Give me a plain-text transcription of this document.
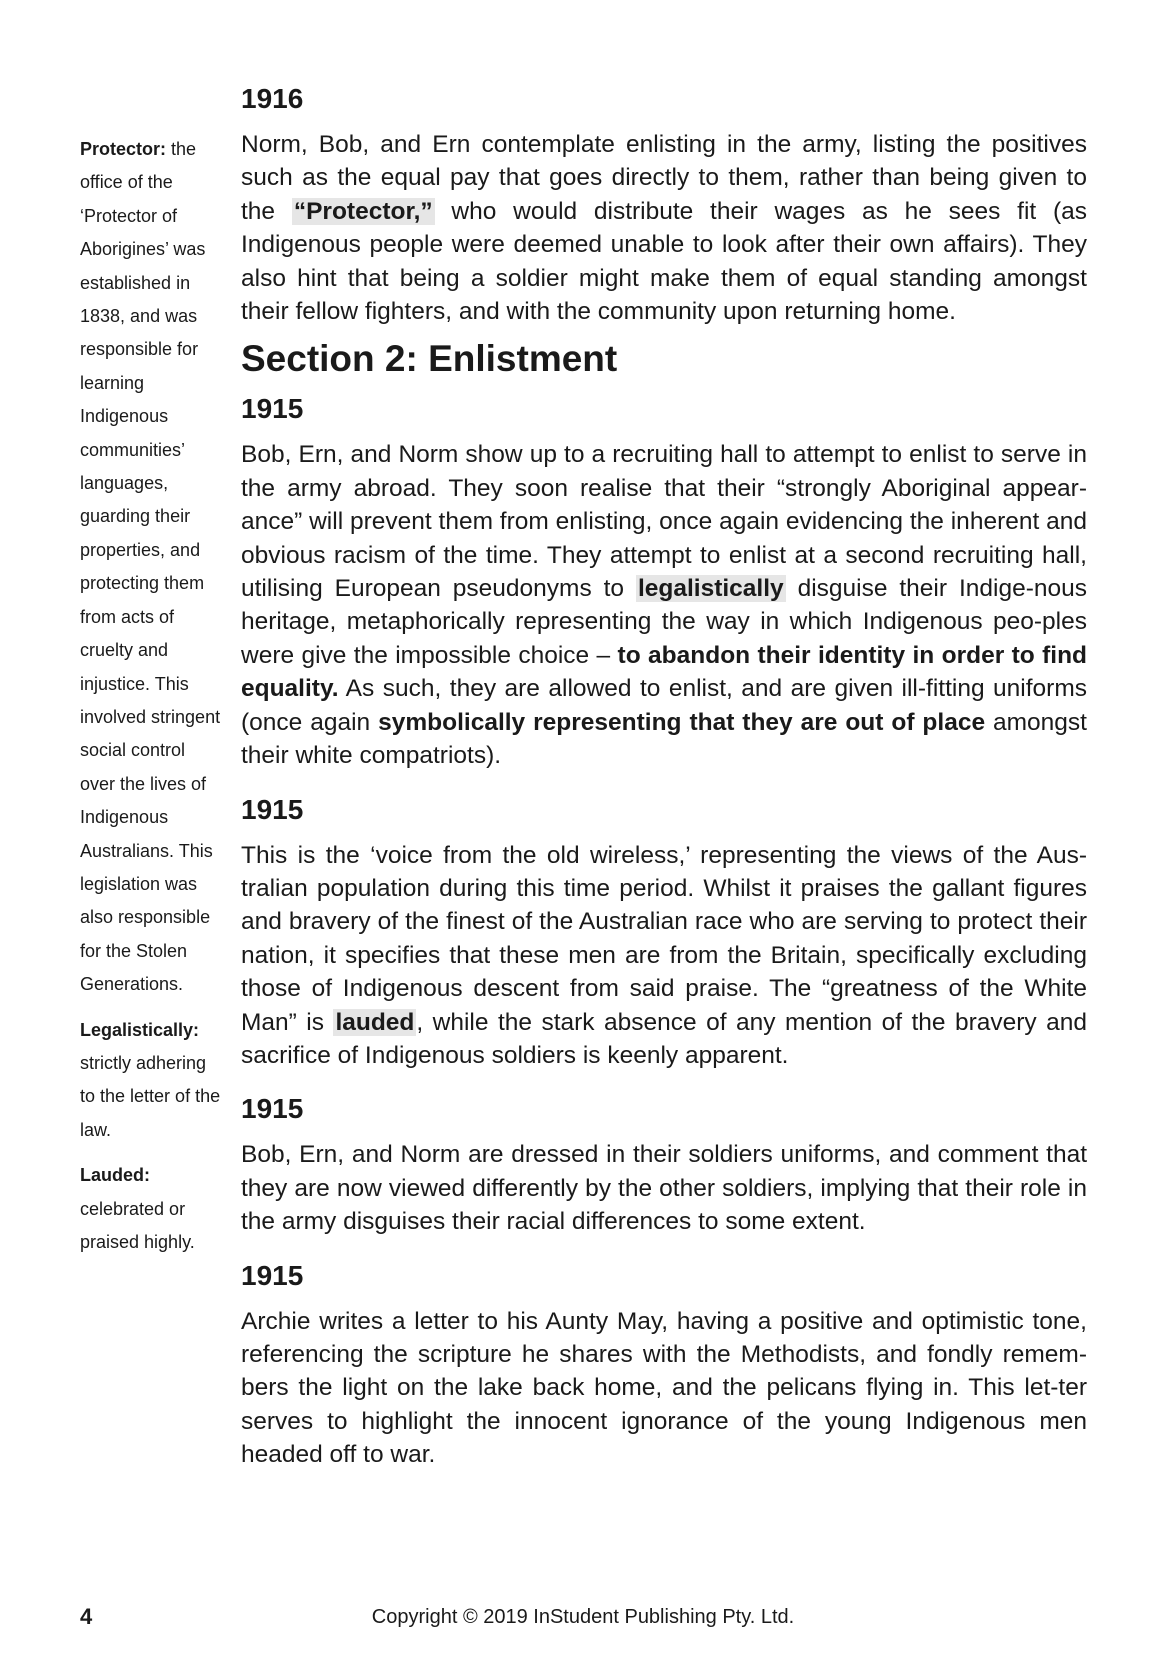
Protector: the office of the ‘Protector of Aborigines’ was established in 1838, and was responsible for learning Indigenous communities’ languages, guarding their properties, and protecting them from acts of cruelty and injustice. This involved stringent social control over the lives of Indigenous Australians. This legislation was also responsible for the Stolen Generations.
Legalistically: strictly adhering to the letter of the law.
Lauded: celebrated or praised highly.
1916

Norm, Bob, and Ern contemplate enlisting in the army, listing the positives such as the equal pay that goes directly to them, rather than being given to the “Protector,” who would distribute their wages as he sees fit (as Indigenous people were deemed unable to look after their own affairs). They also hint that being a soldier might make them of equal standing amongst their fellow fighters, and with the community upon returning home.

Section 2: Enlistment
1915

Bob, Ern, and Norm show up to a recruiting hall to attempt to enlist to serve in the army abroad. They soon realise that their “strongly Aboriginal appear-ance” will prevent them from enlisting, once again evidencing the inherent and obvious racism of the time. They attempt to enlist at a second recruiting hall, utilising European pseudonyms to legalistically disguise their Indige-nous heritage, metaphorically representing the way in which Indigenous peo-ples were give the impossible choice – to abandon their identity in order to find equality. As such, they are allowed to enlist, and are given ill-fitting uniforms (once again symbolically representing that they are out of place amongst their white compatriots).

1915

This is the ‘voice from the old wireless,’ representing the views of the Aus-tralian population during this time period. Whilst it praises the gallant figures and bravery of the finest of the Australian race who are serving to protect their nation, it specifies that these men are from the Britain, specifically excluding those of Indigenous descent from said praise. The “greatness of the White Man” is lauded, while the stark absence of any mention of the bravery and sacrifice of Indigenous soldiers is keenly apparent.

1915

Bob, Ern, and Norm are dressed in their soldiers uniforms, and comment that they are now viewed differently by the other soldiers, implying that their role in the army disguises their racial differences to some extent.

1915

Archie writes a letter to his Aunty May, having a positive and optimistic tone, referencing the scripture he shares with the Methodists, and fondly remem-bers the light on the lake back home, and the pelicans flying in. This let-ter serves to highlight the innocent ignorance of the young Indigenous men headed off to war.

4	Copyright © 2019 InStudent Publishing Pty. Ltd.
